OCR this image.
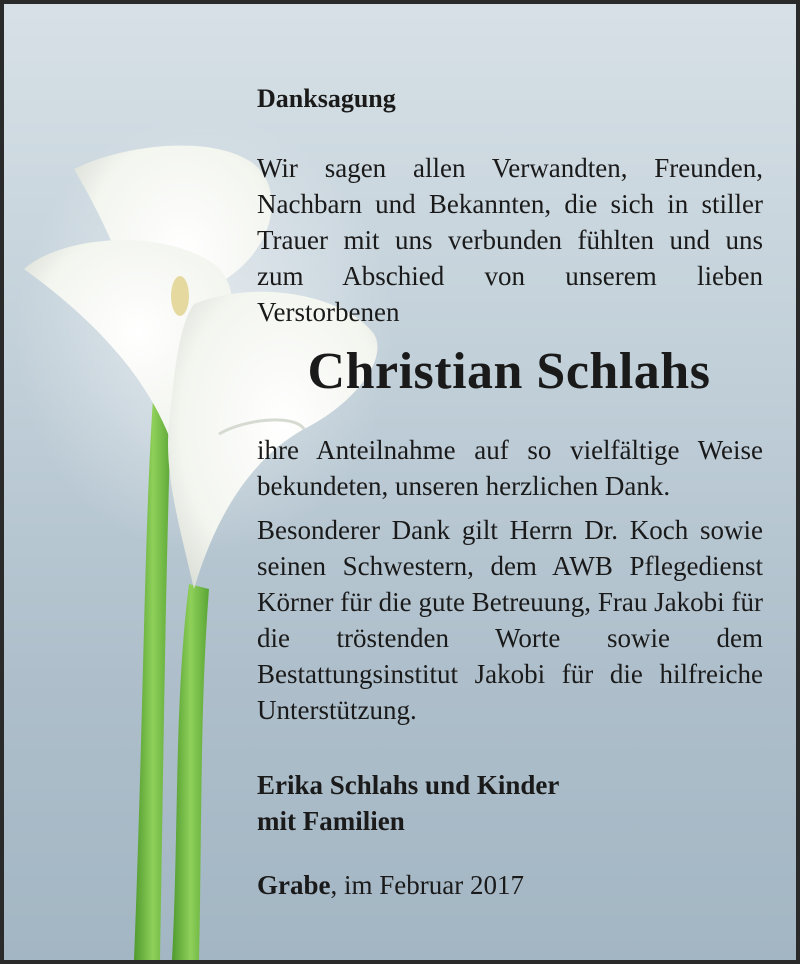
Danksagung
Wir sagen allen Verwandten, Freunden, Nachbarn und Bekannten, die sich in stiller Trauer mit uns verbunden fühlten und uns zum Abschied von unserem lieben Verstorbenen
Christian Schlahs
ihre Anteilnahme auf so vielfältige Weise bekundeten, unseren herzlichen Dank.
Besonderer Dank gilt Herrn Dr. Koch sowie seinen Schwestern, dem AWB Pflegedienst Körner für die gute Betreuung, Frau Jakobi für die tröstenden Worte sowie dem Bestattungsinstitut Jakobi für die hilfreiche Unterstützung.
Erika Schlahs und Kinder
mit Familien
Grabe, im Februar 2017
